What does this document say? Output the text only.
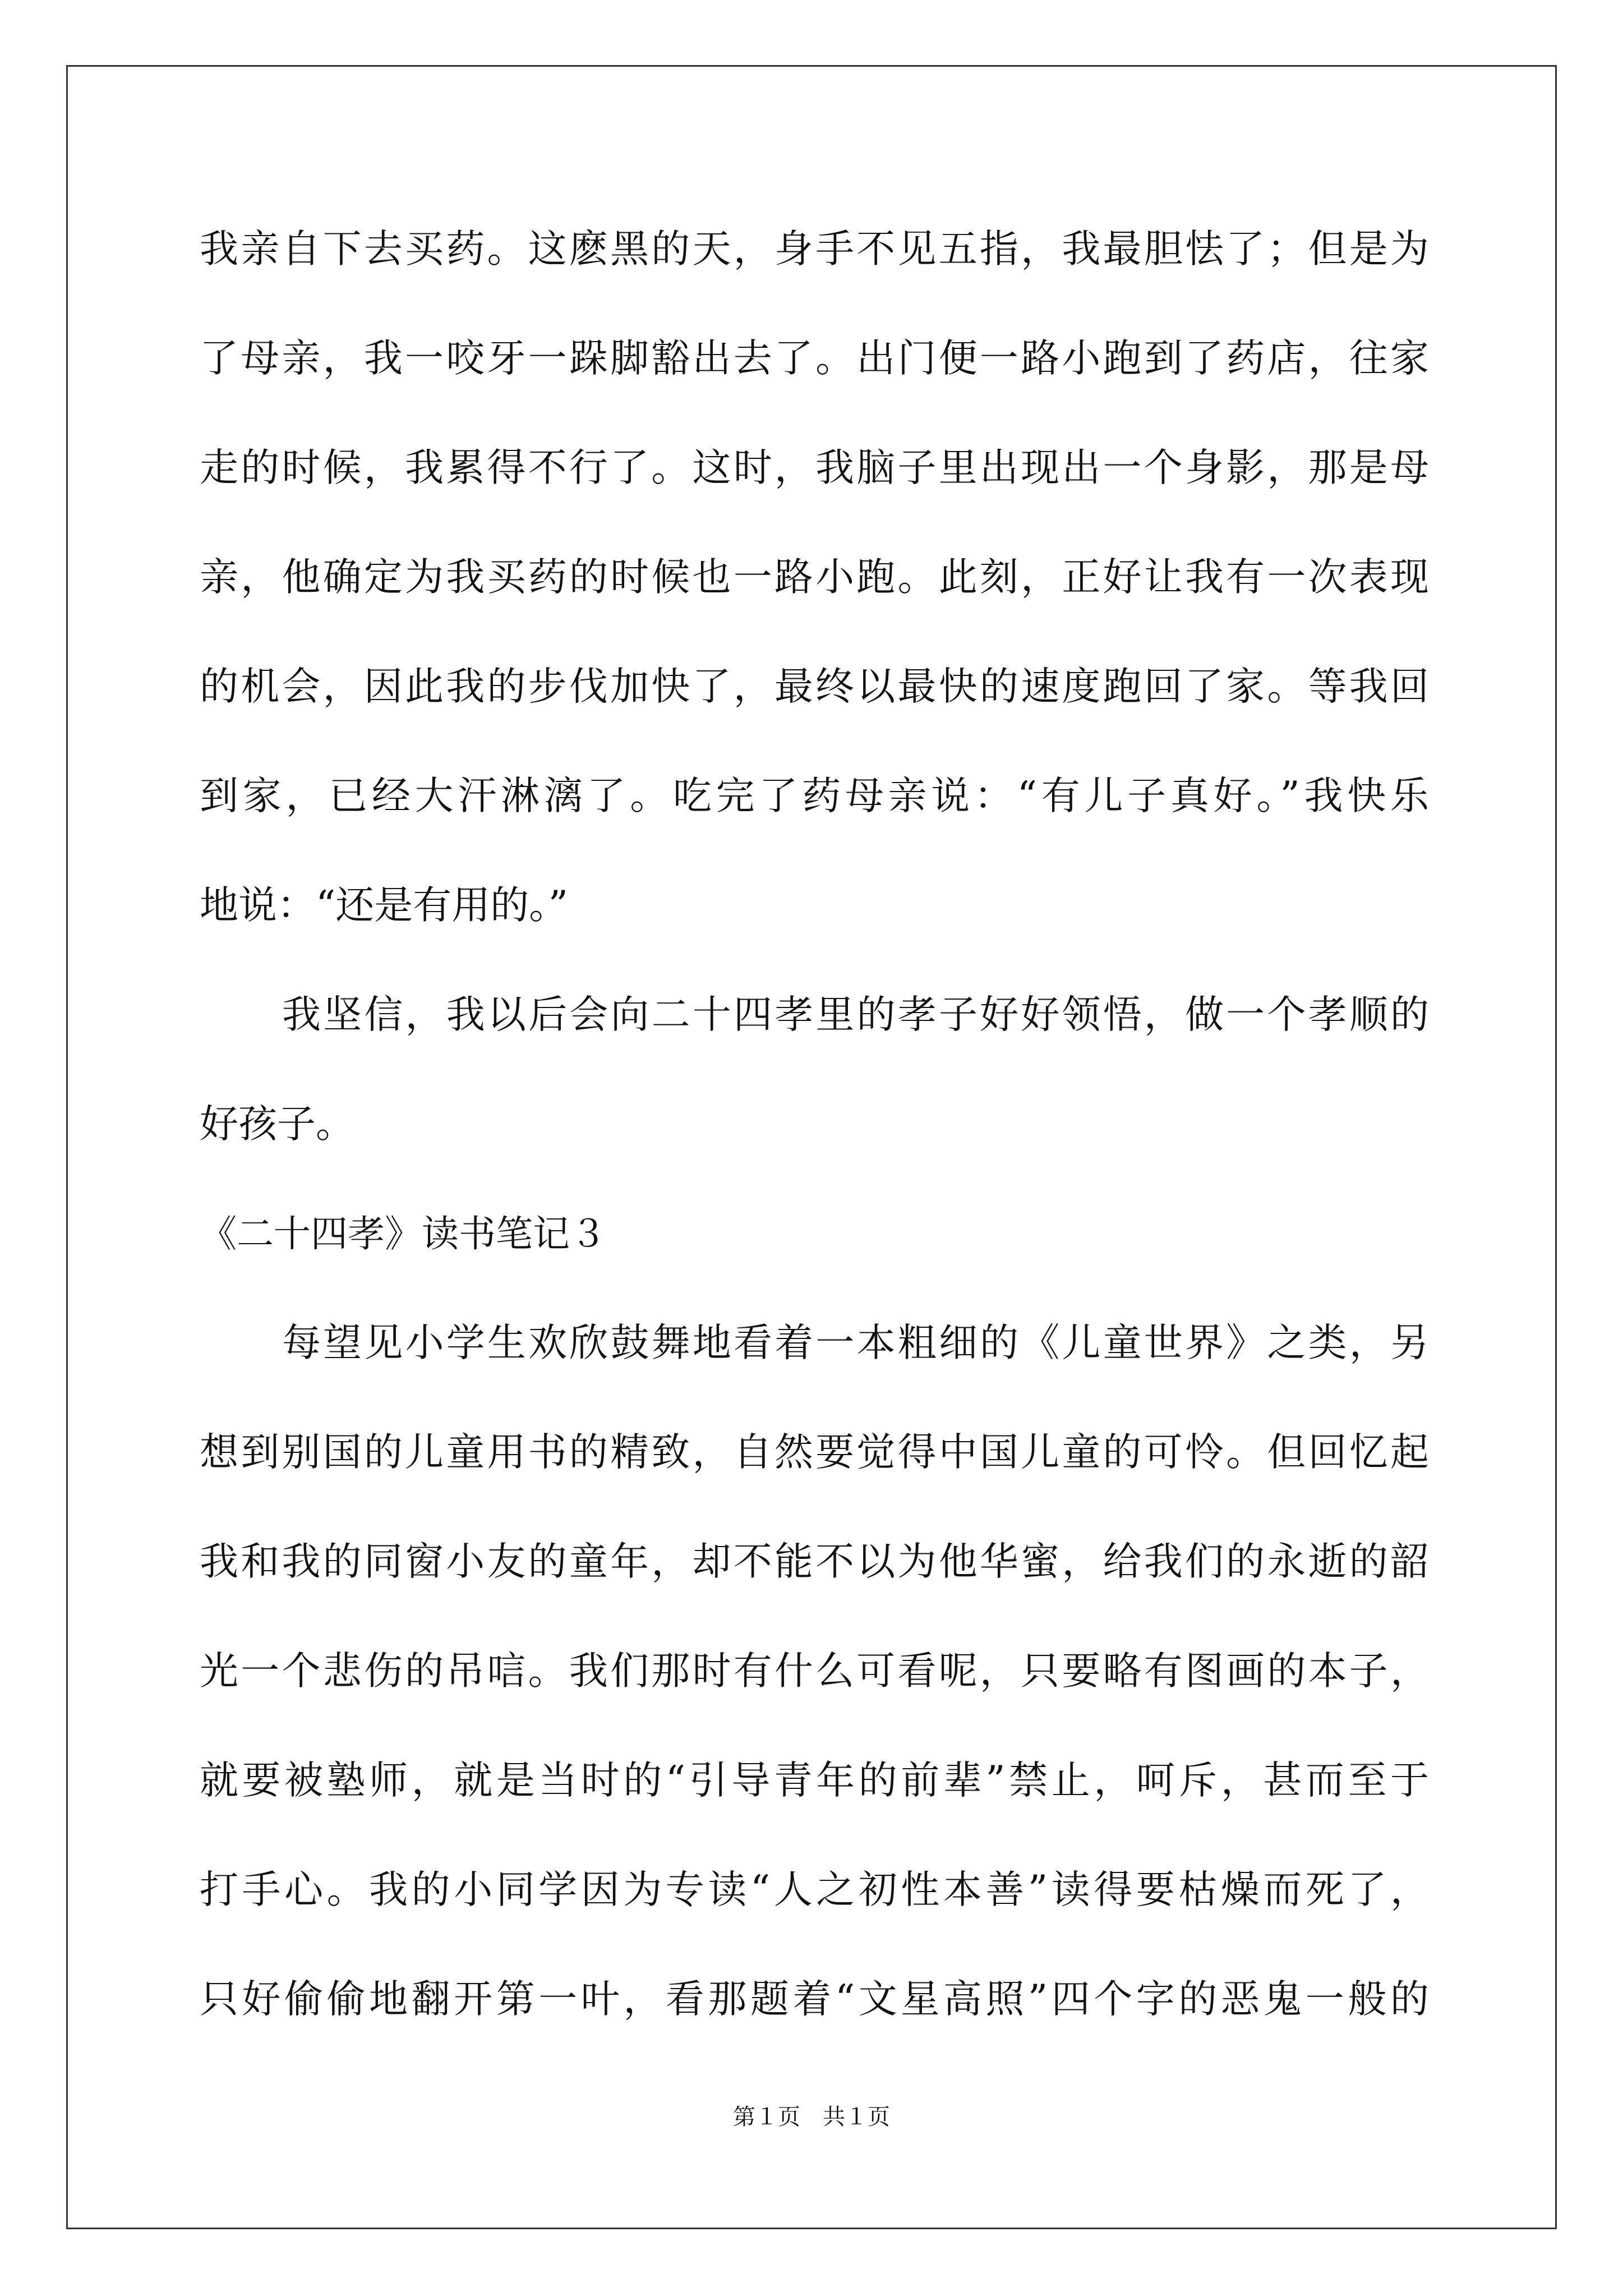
我亲自下去买药。这麽黑的天，身手不见五指，我最胆怯了；但是为
了母亲，我一咬牙一跺脚豁出去了。出门便一路小跑到了药店，往家
走的时候，我累得不行了。这时，我脑子里出现出一个身影，那是母
亲，他确定为我买药的时候也一路小跑。此刻，正好让我有一次表现
的机会，因此我的步伐加快了，最终以最快的速度跑回了家。等我回
到家，已经大汗淋漓了。吃完了药母亲说：“有儿子真好。”我快乐
地说：“还是有用的。”
我坚信，我以后会向二十四孝里的孝子好好领悟，做一个孝顺的
好孩子。
《二十四孝》读书笔记３
每望见小学生欢欣鼓舞地看着一本粗细的《儿童世界》之类，另
想到别国的儿童用书的精致，自然要觉得中国儿童的可怜。但回忆起
我和我的同窗小友的童年，却不能不以为他华蜜，给我们的永逝的韶
光一个悲伤的吊唁。我们那时有什么可看呢，只要略有图画的本子，
就要被塾师，就是当时的“引导青年的前辈”禁止，呵斥，甚而至于
打手心。我的小同学因为专读“人之初性本善”读得要枯燥而死了，
只好偷偷地翻开第一叶，看那题着“文星高照”四个字的恶鬼一般的
第１页 共１页
